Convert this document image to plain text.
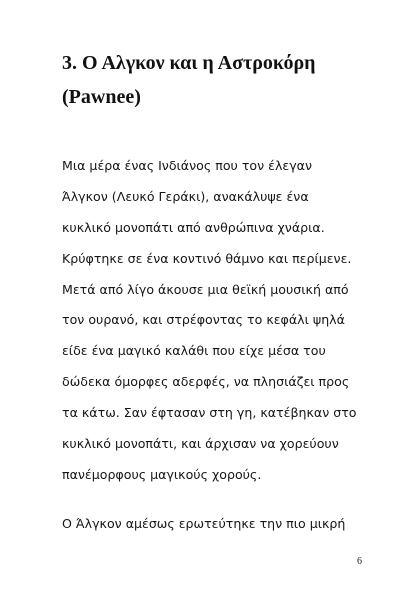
3. Ο Αλγκον και η Αστροκόρη
(Pawnee)

Μια μέρα ένας Ινδιάνος που τον έλεγαν
Άλγκον (Λευκό Γεράκι), ανακάλυψε ένα
κυκλικό μονοπάτι από ανθρώπινα χνάρια.
Κρύφτηκε σε ένα κοντινό θάμνο και περίμενε.
Μετά από λίγο άκουσε μια θεϊκή μουσική από
τον ουρανό, και στρέφοντας το κεφάλι ψηλά
είδε ένα μαγικό καλάθι που είχε μέσα του
δώδεκα όμορφες αδερφές, να πλησιάζει προς
τα κάτω. Σαν έφτασαν στη γη, κατέβηκαν στο
κυκλικό μονοπάτι, και άρχισαν να χορεύουν
πανέμορφους μαγικούς χορούς.

Ο Άλγκον αμέσως ερωτεύτηκε την πιο μικρή

6
